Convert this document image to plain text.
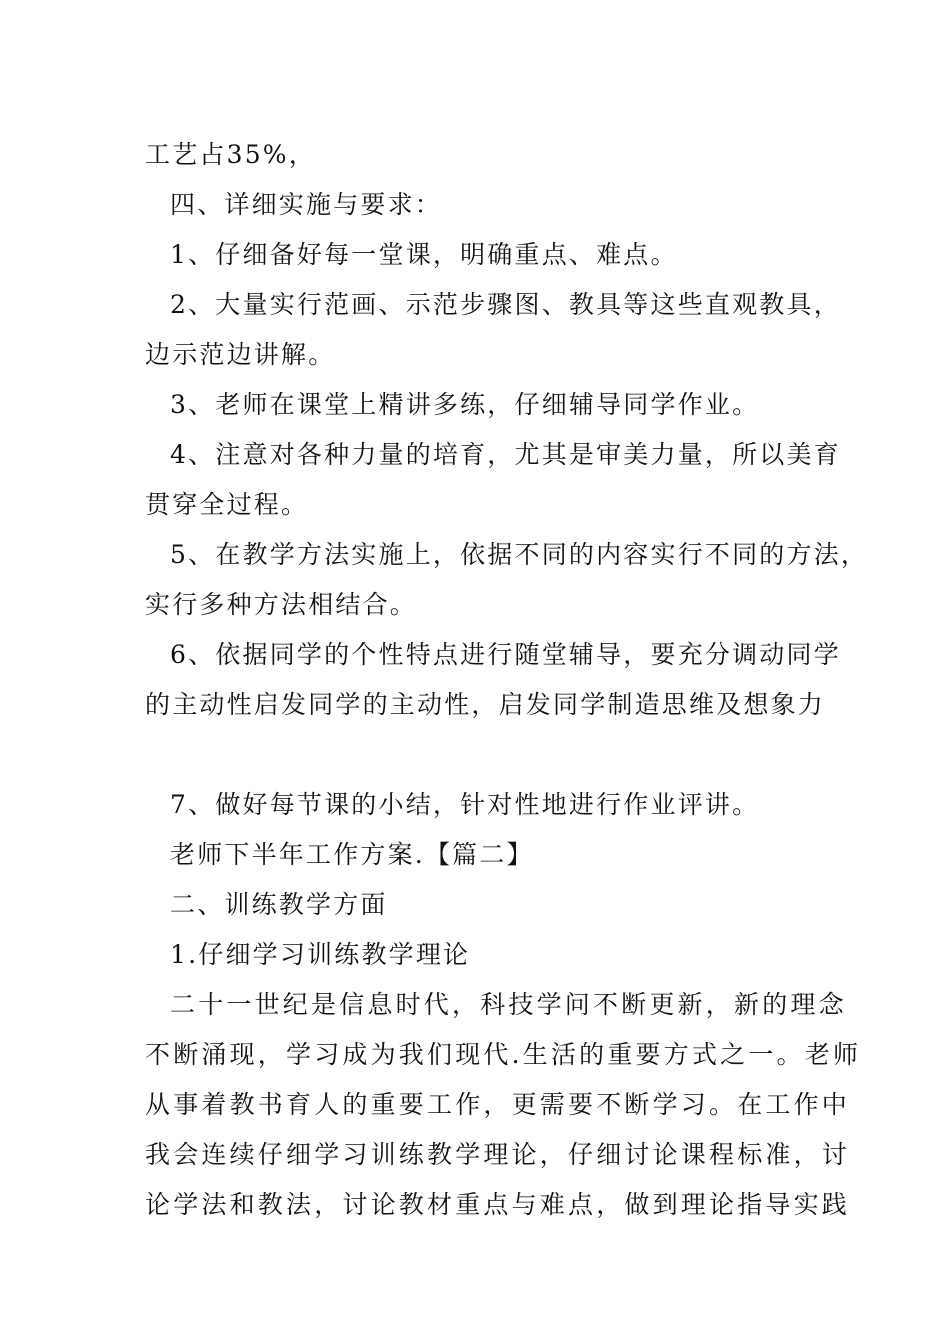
工艺占35%，
四、详细实施与要求：
1、仔细备好每一堂课，明确重点、难点。
2、大量实行范画、示范步骤图、教具等这些直观教具，
边示范边讲解。
3、老师在课堂上精讲多练，仔细辅导同学作业。
4、注意对各种力量的培育，尤其是审美力量，所以美育
贯穿全过程。
5、在教学方法实施上，依据不同的内容实行不同的方法，
实行多种方法相结合。
6、依据同学的个性特点进行随堂辅导，要充分调动同学
的主动性启发同学的主动性，启发同学制造思维及想象力
7、做好每节课的小结，针对性地进行作业评讲。
老师下半年工作方案.【篇二】
二、训练教学方面
1.仔细学习训练教学理论
二十一世纪是信息时代，科技学问不断更新，新的理念
不断涌现，学习成为我们现代.生活的重要方式之一。老师
从事着教书育人的重要工作，更需要不断学习。在工作中
我会连续仔细学习训练教学理论，仔细讨论课程标准，讨
论学法和教法，讨论教材重点与难点，做到理论指导实践
